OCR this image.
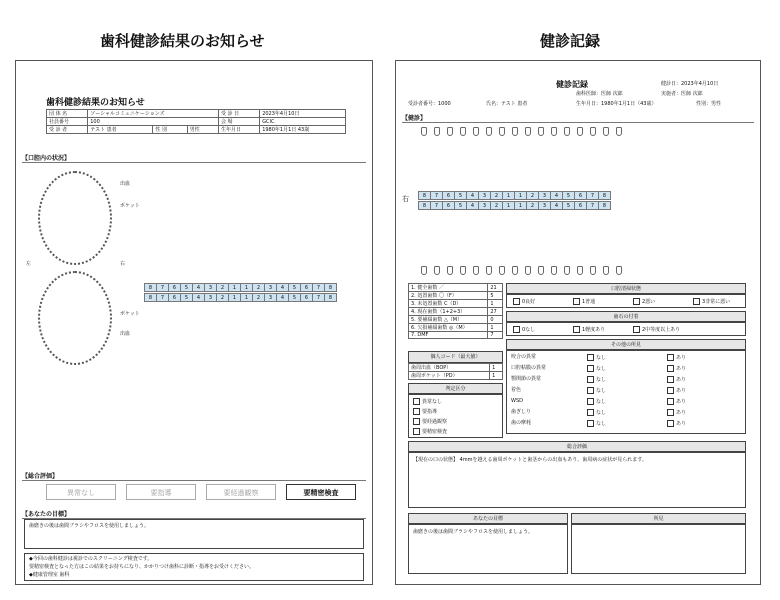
歯科健診結果のお知らせ	健診記録
歯科健診結果のお知らせ
団 体 名	ソーシャルコミュニケーションズ			受 診 日	2023年4月10日
社員番号	100			会 場	GCIC
受 診 者	テスト 患者	性 別	男性	生年月日	1980年1月1日 43歳
【口腔内の状況】
左	右
出血
ポケット
ポケット
出血
8	7	6	5	4	3	2	1	1	2	3	4	5	6	7	8
8	7	6	5	4	3	2	1	1	2	3	4	5	6	7	8
【総合評価】
異常なし	要指導	要経過観察	要精密検査
【あなたの目標】
歯磨きの後は歯間ブラシやフロスを使用しましょう。
◆今回の歯科健診は視診でのスクリーニング検査です。
要精密検査となった方はこの結果をお持ちになり、かかりつけ歯科に診断・指導をお受けください。
◆健康管理室 歯科
健診記録	健診日：2023年4月10日
歯科医師：医師 次郎	実施者：医師 次郎
受診者番号：1000	氏名：テスト 患者	生年月日：1980年1月1日（43歳）	性別：男性
【健診】
右	8	7	6	5	4	3	2	1	1	2	3	4	5	6	7	8
8	7	6	5	4	3	2	1	1	2	3	4	5	6	7	8
1. 健全歯数 ／	21
2. 処置歯数 〇（F）	5
3. 未処置歯数 C（D）	1
4. 現在歯数（1+2+3）	27
5. 要補綴歯数 △（M）	0
6. 欠損補綴歯数 ◎（M）	1
7. DMF	7
個人コード（最大値）
歯周出血（BOP）	1
歯周ポケット（PD）	1
判定区分
異常なし
要指導
要経過観察
要精密検査
口腔清掃状態
0良好	1普通	2悪い	3非常に悪い
歯石の付着
0なし	1軽度あり	2中等度以上あり
その他の所見
咬合の異常	なし	あり
口腔粘膜の異常	なし	あり
顎関節の異常	なし	あり
着色	なし	あり
WSD	なし	あり
歯ぎしり	なし	あり
歯の摩耗	なし	あり
総合評価
【現在の口の状態】 4mmを越える歯周ポケットと歯茎からの出血もあり、歯周病の症状が見られます。
あなたの目標
歯磨きの後は歯間ブラシやフロスを使用しましょう。
所見
